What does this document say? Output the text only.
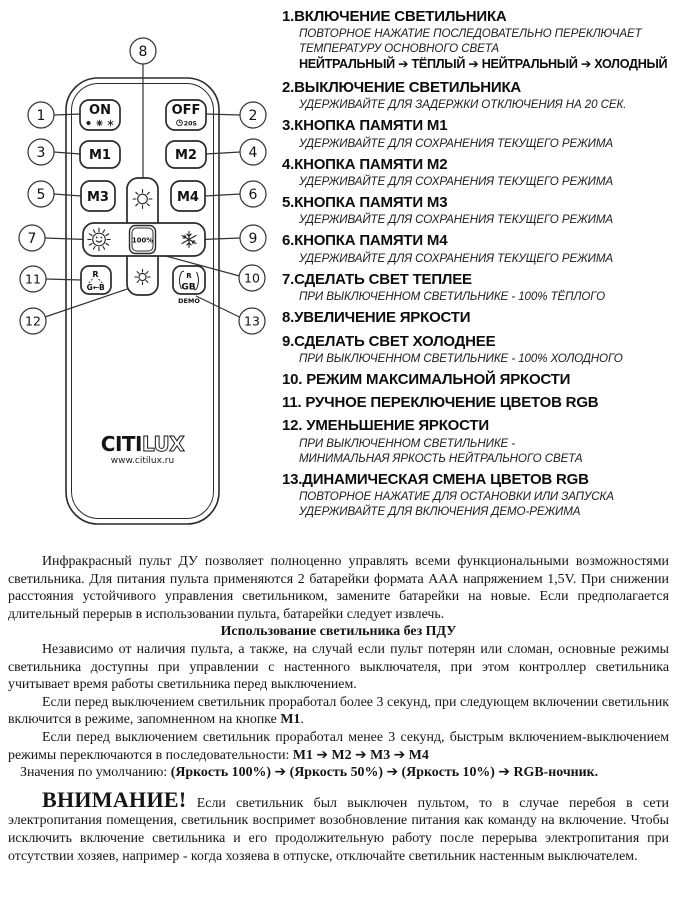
ON	OFF
20S
M1	M2
M3	M4
100%
R
G←B
R
GB
DEMO
CITILUX
www.citilux.ru
1	2
3	4
5	6
7
8
9
10
11
12	13
1.ВКЛЮЧЕНИЕ СВЕТИЛЬНИКА
ПОВТОРНОЕ НАЖАТИЕ ПОСЛЕДОВАТЕЛЬНО ПЕРЕКЛЮЧАЕТ
ТЕМПЕРАТУРУ ОСНОВНОГО СВЕТА
НЕЙТРАЛЬНЫЙ ➔ ТЁПЛЫЙ ➔ НЕЙТРАЛЬНЫЙ ➔ ХОЛОДНЫЙ
2.ВЫКЛЮЧЕНИЕ СВЕТИЛЬНИКА
УДЕРЖИВАЙТЕ ДЛЯ ЗАДЕРЖКИ ОТКЛЮЧЕНИЯ НА 20 СЕК.
3.КНОПКА ПАМЯТИ М1
УДЕРЖИВАЙТЕ ДЛЯ СОХРАНЕНИЯ ТЕКУЩЕГО РЕЖИМА
4.КНОПКА ПАМЯТИ М2
УДЕРЖИВАЙТЕ ДЛЯ СОХРАНЕНИЯ ТЕКУЩЕГО РЕЖИМА
5.КНОПКА ПАМЯТИ М3
УДЕРЖИВАЙТЕ ДЛЯ СОХРАНЕНИЯ ТЕКУЩЕГО РЕЖИМА
6.КНОПКА ПАМЯТИ М4
УДЕРЖИВАЙТЕ ДЛЯ СОХРАНЕНИЯ ТЕКУЩЕГО РЕЖИМА
7.СДЕЛАТЬ СВЕТ ТЕПЛЕЕ
ПРИ ВЫКЛЮЧЕННОМ СВЕТИЛЬНИКЕ - 100% ТЁПЛОГО
8.УВЕЛИЧЕНИЕ ЯРКОСТИ
9.СДЕЛАТЬ СВЕТ ХОЛОДНЕЕ
ПРИ ВЫКЛЮЧЕННОМ СВЕТИЛЬНИКЕ - 100% ХОЛОДНОГО
10. РЕЖИМ МАКСИМАЛЬНОЙ ЯРКОСТИ
11. РУЧНОЕ ПЕРЕКЛЮЧЕНИЕ ЦВЕТОВ RGB
12. УМЕНЬШЕНИЕ ЯРКОСТИ
ПРИ ВЫКЛЮЧЕННОМ СВЕТИЛЬНИКЕ -
МИНИМАЛЬНАЯ ЯРКОСТЬ НЕЙТРАЛЬНОГО СВЕТА
13.ДИНАМИЧЕСКАЯ СМЕНА ЦВЕТОВ RGB
ПОВТОРНОЕ НАЖАТИЕ ДЛЯ ОСТАНОВКИ ИЛИ ЗАПУСКА
УДЕРЖИВАЙТЕ ДЛЯ ВКЛЮЧЕНИЯ ДЕМО-РЕЖИМА

Инфракрасный пульт ДУ позволяет полноценно управлять всеми функциональными возможностями светильника. Для питания пульта применяются 2 батарейки формата ААА напряжением 1,5V. При снижении расстояния устойчивого управления светильником, замените батарейки на новые. Если предполагается длительный перерыв в использовании пульта, батарейки следует извлечь.

Использование светильника без ПДУ

Независимо от наличия пульта, а также, на случай если пульт потерян или сломан, основные режимы светильника доступны при управлении с настенного выключателя, при этом контроллер светильника учитывает время работы светильника перед выключением.

Если перед выключением светильник проработал более 3 секунд, при следующем включении светильник включится в режиме, запомненном на кнопке М1.

Если перед выключением светильник проработал менее 3 секунд, быстрым включением-выключением режимы переключаются в последовательности: М1 ➔ М2 ➔ М3 ➔ М4

Значения по умолчанию: (Яркость 100%) ➔ (Яркость 50%) ➔ (Яркость 10%) ➔ RGB-ночник.

ВНИМАНИЕ! Если светильник был выключен пультом, то в случае перебоя в сети электропитания помещения, светильник воспримет возобновление питания как команду на включение. Чтобы исключить включение светильника и его продолжительную работу после перерыва электропитания при отсутствии хозяев, например - когда хозяева в отпуске, отключайте светильник настенным выключателем.
